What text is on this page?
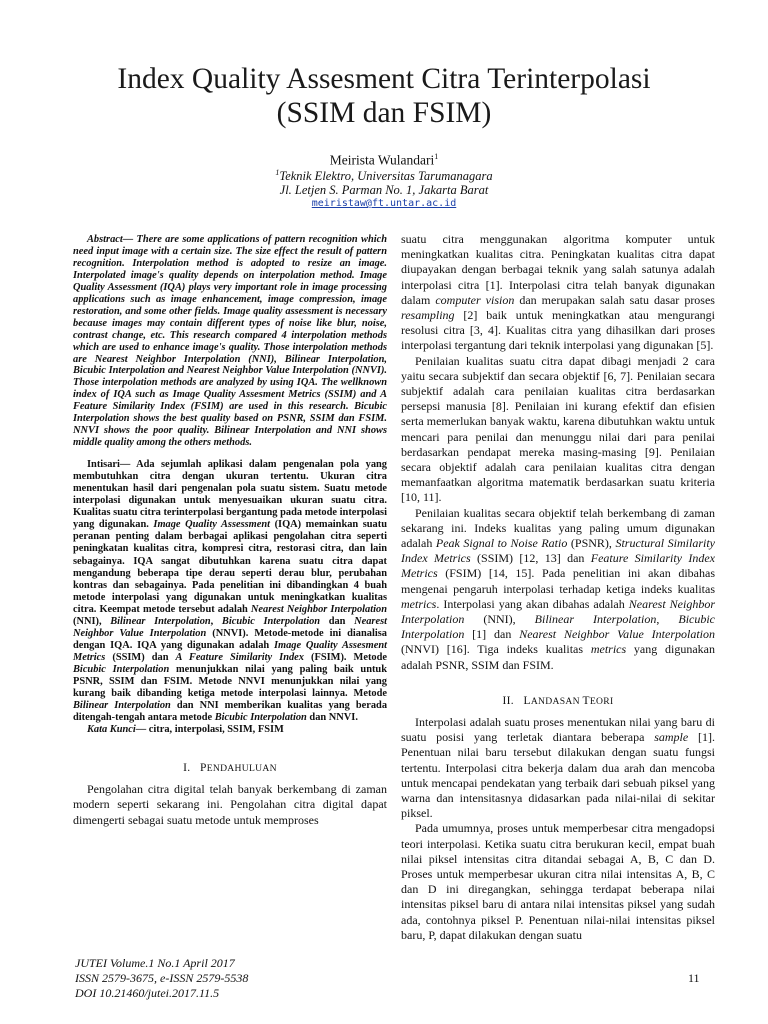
Index Quality Assesment Citra Terinterpolasi
(SSIM dan FSIM)
Meirista Wulandari$^1$
$^1$Teknik Elektro, Universitas Tarumanagara
Jl. Letjen S. Parman No. 1, Jakarta Barat
meiristaw@ft.untar.ac.id

Abstract— There are some applications of pattern recognition which need input image with a certain size. The size effect the result of pattern recognition. Interpolation method is adopted to resize an image. Interpolated image's quality depends on interpolation method. Image Quality Assessment (IQA) plays very important role in image processing applications such as image enhancement, image compression, image restoration, and some other fields. Image quality assessment is necessary because images may contain different types of noise like blur, noise, contrast change, etc. This research compared 4 interpolation methods which are used to enhance image's quality. Those interpolation methods are Nearest Neighbor Interpolation (NNI), Bilinear Interpolation, Bicubic Interpolation and Nearest Neighbor Value Interpolation (NNVI). Those interpolation methods are analyzed by using IQA. The wellknown index of IQA such as Image Quality Assesment Metrics (SSIM) and A Feature Similarity Index (FSIM) are used in this research. Bicubic Interpolation shows the best quality based on PSNR, SSIM dan FSIM. NNVI shows the poor quality. Bilinear Interpolation and NNI shows middle quality among the others methods.

Intisari— Ada sejumlah aplikasi dalam pengenalan pola yang membutuhkan citra dengan ukuran tertentu. Ukuran citra menentukan hasil dari pengenalan pola suatu sistem. Suatu metode interpolasi digunakan untuk menyesuaikan ukuran suatu citra. Kualitas suatu citra terinterpolasi bergantung pada metode interpolasi yang digunakan. Image Quality Assessment (IQA) memainkan suatu peranan penting dalam berbagai aplikasi pengolahan citra seperti peningkatan kualitas citra, kompresi citra, restorasi citra, dan lain sebagainya. IQA sangat dibutuhkan karena suatu citra dapat mengandung beberapa tipe derau seperti derau blur, perubahan kontras dan sebagainya. Pada penelitian ini dibandingkan 4 buah metode interpolasi yang digunakan untuk meningkatkan kualitas citra. Keempat metode tersebut adalah Nearest Neighbor Interpolation (NNI), Bilinear Interpolation, Bicubic Interpolation dan Nearest Neighbor Value Interpolation (NNVI). Metode-metode ini dianalisa dengan IQA. IQA yang digunakan adalah Image Quality Assesment Metrics (SSIM) dan A Feature Similarity Index (FSIM). Metode Bicubic Interpolation menunjukkan nilai yang paling baik untuk PSNR, SSIM dan FSIM. Metode NNVI menunjukkan nilai yang kurang baik dibanding ketiga metode interpolasi lainnya. Metode Bilinear Interpolation dan NNI memberikan kualitas yang berada ditengah-tengah antara metode Bicubic Interpolation dan NNVI.

Kata Kunci— citra, interpolasi, SSIM, FSIM

I. PENDAHULUAN

Pengolahan citra digital telah banyak berkembang di zaman modern seperti sekarang ini. Pengolahan citra digital dapat dimengerti sebagai suatu metode untuk memproses

suatu citra menggunakan algoritma komputer untuk meningkatkan kualitas citra. Peningkatan kualitas citra dapat diupayakan dengan berbagai teknik yang salah satunya adalah interpolasi citra [1]. Interpolasi citra telah banyak digunakan dalam computer vision dan merupakan salah satu dasar proses resampling [2] baik untuk meningkatkan atau mengurangi resolusi citra [3, 4]. Kualitas citra yang dihasilkan dari proses interpolasi tergantung dari teknik interpolasi yang digunakan [5].

Penilaian kualitas suatu citra dapat dibagi menjadi 2 cara yaitu secara subjektif dan secara objektif [6, 7]. Penilaian secara subjektif adalah cara penilaian kualitas citra berdasarkan persepsi manusia [8]. Penilaian ini kurang efektif dan efisien serta memerlukan banyak waktu, karena dibutuhkan waktu untuk mencari para penilai dan menunggu nilai dari para penilai berdasarkan pendapat mereka masing-masing [9]. Penilaian secara objektif adalah cara penilaian kualitas citra dengan memanfaatkan algoritma matematik berdasarkan suatu kriteria [10, 11].

Penilaian kualitas secara objektif telah berkembang di zaman sekarang ini. Indeks kualitas yang paling umum digunakan adalah Peak Signal to Noise Ratio (PSNR), Structural Similarity Index Metrics (SSIM) [12, 13] dan Feature Similarity Index Metrics (FSIM) [14, 15]. Pada penelitian ini akan dibahas mengenai pengaruh interpolasi terhadap ketiga indeks kualitas metrics. Interpolasi yang akan dibahas adalah Nearest Neighbor Interpolation (NNI), Bilinear Interpolation, Bicubic Interpolation [1] dan Nearest Neighbor Value Interpolation (NNVI) [16]. Tiga indeks kualitas metrics yang digunakan adalah PSNR, SSIM dan FSIM.

II. LANDASAN TEORI

Interpolasi adalah suatu proses menentukan nilai yang baru di suatu posisi yang terletak diantara beberapa sample [1]. Penentuan nilai baru tersebut dilakukan dengan suatu fungsi tertentu. Interpolasi citra bekerja dalam dua arah dan mencoba untuk mencapai pendekatan yang terbaik dari sebuah piksel yang warna dan intensitasnya didasarkan pada nilai-nilai di sekitar piksel.

Pada umumnya, proses untuk memperbesar citra mengadopsi teori interpolasi. Ketika suatu citra berukuran kecil, empat buah nilai piksel intensitas citra ditandai sebagai A, B, C dan D. Proses untuk memperbesar ukuran citra nilai intensitas A, B, C dan D ini diregangkan, sehingga terdapat beberapa nilai intensitas piksel baru di antara nilai intensitas piksel yang sudah ada, contohnya piksel P. Penentuan nilai-nilai intensitas piksel baru, P, dapat dilakukan dengan suatu

JUTEI Volume.1 No.1 April 2017
ISSN 2579-3675, e-ISSN 2579-5538
DOI 10.21460/jutei.2017.11.5
11
